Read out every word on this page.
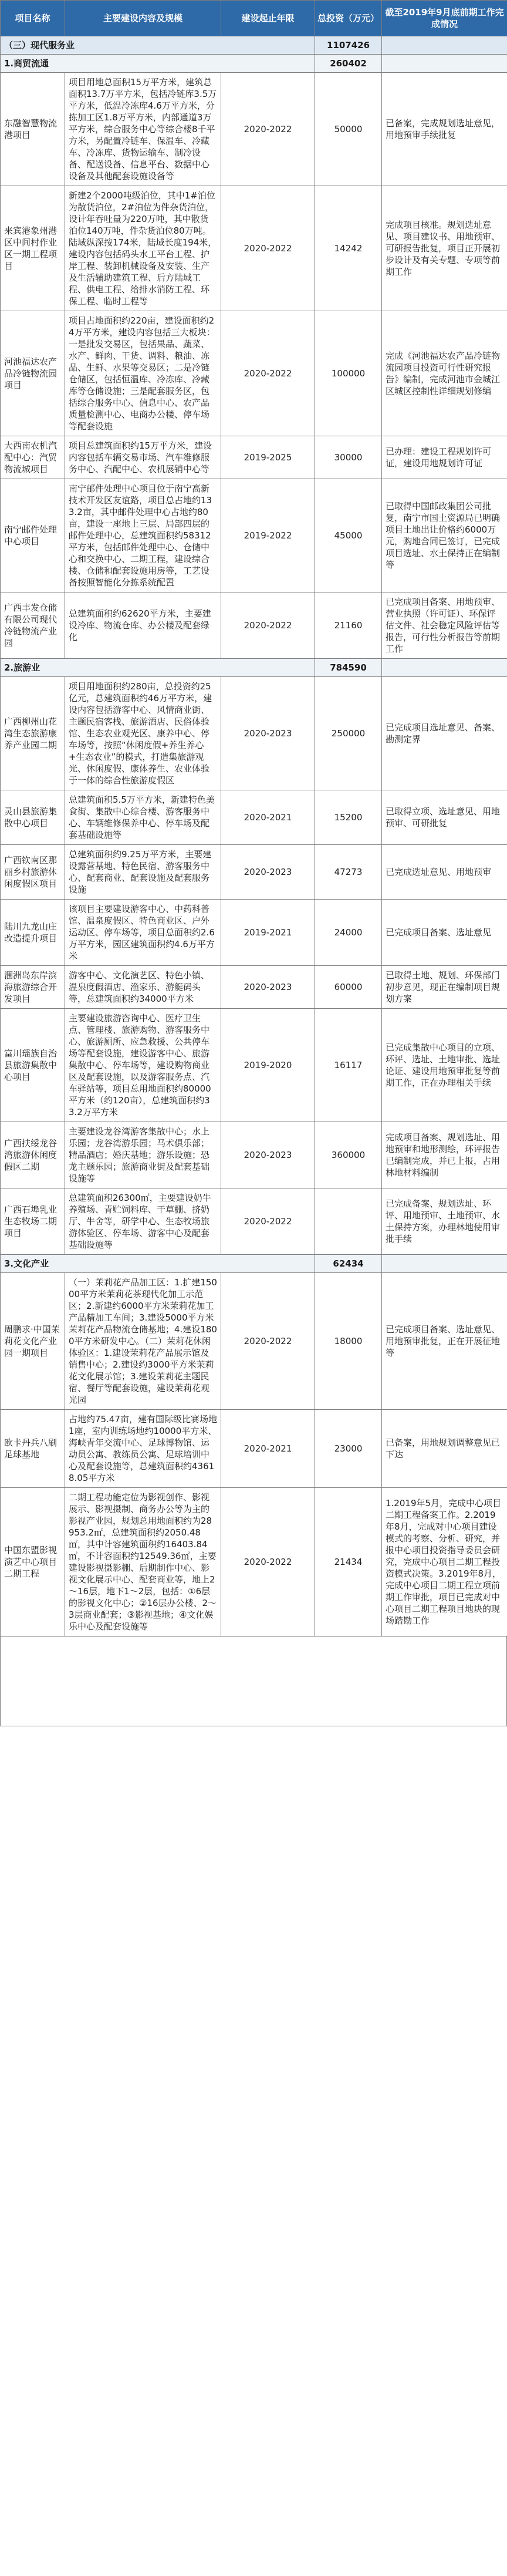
项目名称	主要建设内容及规模	建设起止年限	总投资（万元）	截至2019年9月底前期工作完成情况
（三）现代服务业			1107426	
1.商贸流通			260402	
东融智慧物流港项目	项目用地总面积15万平方米，建筑总面积13.7万平方米，包括冷链库3.5万平方米，低温冷冻库4.6万平方米，分拣加工区1.8万平方米，内部通道3万平方米，综合服务中心等综合楼8千平方米，另配置冷链车、保温车、冷藏车、冷冻库、货物运输车、制冷设备、配送设备、信息平台、数据中心设备及其他配套设施设备等	2020-2022	50000	已备案，完成规划选址意见，用地预审手续批复
来宾港象州港区中间村作业区一期工程项目	新建2个2000吨级泊位，其中1#泊位为散货泊位，2#泊位为件杂货泊位，设计年吞吐量为220万吨，其中散货泊位140万吨，件杂货泊位80万吨。陆域纵深按174米，陆域长度194米，建设内容包括码头水工平台工程、护岸工程、装卸机械设备及安装、生产及生活辅助建筑工程、后方陆域工程、供电工程、给排水消防工程、环保工程、临时工程等	2020-2022	14242	完成项目核准。规划选址意见、项目建议书、用地预审、可研报告批复，项目正开展初步设计及有关专题、专项等前期工作
河池福达农产品冷链物流园项目	项目占地面积约220亩，建设面积约24万平方米，建设内容包括三大板块：一是批发交易区，包括果品、蔬菜、水产、鲜肉、干货、调料、粮油、冻品、生鲜、水果等交易区；二是冷链仓储区，包括恒温库、冷冻库、冷藏库等仓储设施；三是配套服务区，包括综合服务中心、信息中心、农产品质量检测中心、电商办公楼、停车场等配套设施	2020-2022	100000	完成《河池福达农产品冷链物流园项目投资可行性研究报告》编制，完成河池市金城江区城区控制性详细规划修编
大西南农机汽配中心：汽贸物流城项目	项目总建筑面积约15万平方米，建设内容包括车辆交易市场、汽车维修服务中心、汽配中心、农机展销中心等	2019-2025	30000	已办理：建设工程规划许可证，建设用地规划许可证
南宁邮件处理中心项目	南宁邮件处理中心项目位于南宁高新技术开发区友谊路，项目总占地约133.2亩，其中邮件处理中心占地约80亩，建设一座地上三层、局部四层的邮件处理中心，总建筑面积约58312平方米，包括邮件处理中心、仓储中心和交换中心、二期工程，建设综合楼、仓储和配套设施用房等，工艺设备按照智能化分拣系统配置	2019-2022	45000	已取得中国邮政集团公司批复，南宁市国土资源局已明确项目土地出让价格约6000万元，购地合同已签订，已完成项目选址、水土保持正在编制等
广西丰发仓储有限公司现代冷链物流产业园	总建筑面积约62620平方米，主要建设冷库、物流仓库、办公楼及配套绿化	2020-2022	21160	已完成项目备案、用地预审、营业执照（许可证）、环保评估文件、社会稳定风险评估等报告，可行性分析报告等前期工作
2.旅游业			784590	
广西柳州山花湾生态旅游康养产业园二期	项目用地面积约280亩，总投资约25亿元，总建筑面积约46万平方米，建设内容包括游客中心、风情商业街、主题民宿客栈、旅游酒店、民俗体验馆、生态农业观光区、康养中心、停车场等，按照“休闲度假+养生养心+生态农业”的模式，打造集旅游观光、休闲度假、康体养生、农业体验于一体的综合性旅游度假区	2020-2023	250000	已完成项目选址意见、备案、勘测定界
灵山县旅游集散中心项目	总建筑面积5.5万平方米，新建特色美食街、集散中心综合楼、游客服务中心、车辆维修保养中心、停车场及配套基础设施等	2020-2021	15200	已取得立项、选址意见、用地预审、可研批复
广西钦南区那丽乡村旅游休闲度假区项目	总建筑面积约9.25万平方米，主要建设露营基地、特色民宿、游客服务中心、配套商业、配套设施及配套服务设施	2020-2023	47273	已完成选址意见、用地预审
陆川九龙山庄改造提升项目	该项目主要建设游客中心、中药科普馆、温泉度假区、特色商业区、户外运动区、停车场等，项目总面积约2.6万平方米，园区建筑面积约4.6万平方米	2019-2021	24000	已完成项目备案、选址意见
涠洲岛东岸滨海旅游综合开发项目	游客中心、文化演艺区、特色小镇、温泉度假酒店、渔家乐、游艇码头等，总建筑面积约34000平方米	2020-2023	60000	已取得土地、规划、环保部门初步意见，现正在编制项目规划方案
富川瑶族自治县旅游集散中心项目	主要建设旅游咨询中心、医疗卫生点、管理楼、旅游购物、游客服务中心、旅游厕所、应急救援、公共停车场等配套设施，建设游客中心、旅游集散中心、停车场等，建设购物商业区及配套设施，以及游客服务点、汽车驿站等，项目总用地面积约80000平方米（约120亩），总建筑面积约33.2万平方米	2019-2020	16117	已完成集散中心项目的立项、环评、选址、土地审批、选址论证、建设用地预审批复等前期工作，正在办理相关手续
广西扶绥龙谷湾旅游休闲度假区二期	主要建设龙谷湾游客集散中心；水上乐园；龙谷湾游乐园；马术俱乐部；精品酒店；婚庆基地；游乐设施；恐龙主题乐园；旅游商业街及配套基础设施等	2020-2023	360000	完成项目备案、规划选址、用地预审和地形测绘，环评报告已编制完成，并已上报，占用林地材料编制
广西石埠乳业生态牧场二期项目	总建筑面积26300㎡，主要建设奶牛养殖场、青贮饲料库、干草棚、挤奶厅、牛舍等，研学中心、生态牧场旅游体验区、停车场、游客中心及配套基础设施等	2020-2022		已完成备案、规划选址、环评、用地预审、土地预审、水土保持方案，办理林地使用审批手续
3.文化产业			62434	
周鹏求·中国茉莉花文化产业园一期项目	（一）茉莉花产品加工区：1.扩建15000平方米茉莉花茶现代化加工示范区；2.新建约6000平方米茉莉花加工产品精加工车间；3.建设5000平方米茉莉花产品物流仓储基地；4.建设1800平方米研发中心。（二）茉莉花休闲体验区：1.建设茉莉花产品展示馆及销售中心；2.建设约3000平方米茉莉花文化展示馆；3.建设茉莉花主题民宿、餐厅等配套设施，建设茉莉花观光园	2020-2022	18000	已完成项目备案、选址意见、用地预审批复，正在开展征地等
欧卡丹兵八刷足球基地	占地约75.47亩，建有国际级比赛场地1座，室内训练场地约10000平方米、海峡青年交流中心、足球博物馆、运动员公寓、教练员公寓、足球培训中心及配套设施等，总建筑面积约43618.05平方米	2020-2021	23000	已备案，用地规划调整意见已下达
中国东盟影视演艺中心项目二期工程	二期工程功能定位为影视创作、影视展示、影视摄制、商务办公等为主的影视产业园，规划总用地面积约为28953.2㎡，总建筑面积约2050.48㎡，其中计容建筑面积约16403.84㎡，不计容面积约12549.36㎡，主要建设影视摄影棚、后期制作中心、影视文化展示中心、配套商业等，地上2～16层，地下1～2层，包括：①6层的影视文化中心；②16层办公楼、2～3层商业配套；③影视基地；④文化娱乐中心及配套设施等	2020-2022	21434	1.2019年5月，完成中心项目二期工程备案工作。2.2019年8月，完成对中心项目建设模式的考察、分析、研究，并报中心项目投资指导委员会研究，完成中心项目二期工程投资模式决策。3.2019年8月，完成中心项目二期工程立项前期工作审批，项目已完成对中心项目二期工程项目地块的现场踏勘工作
